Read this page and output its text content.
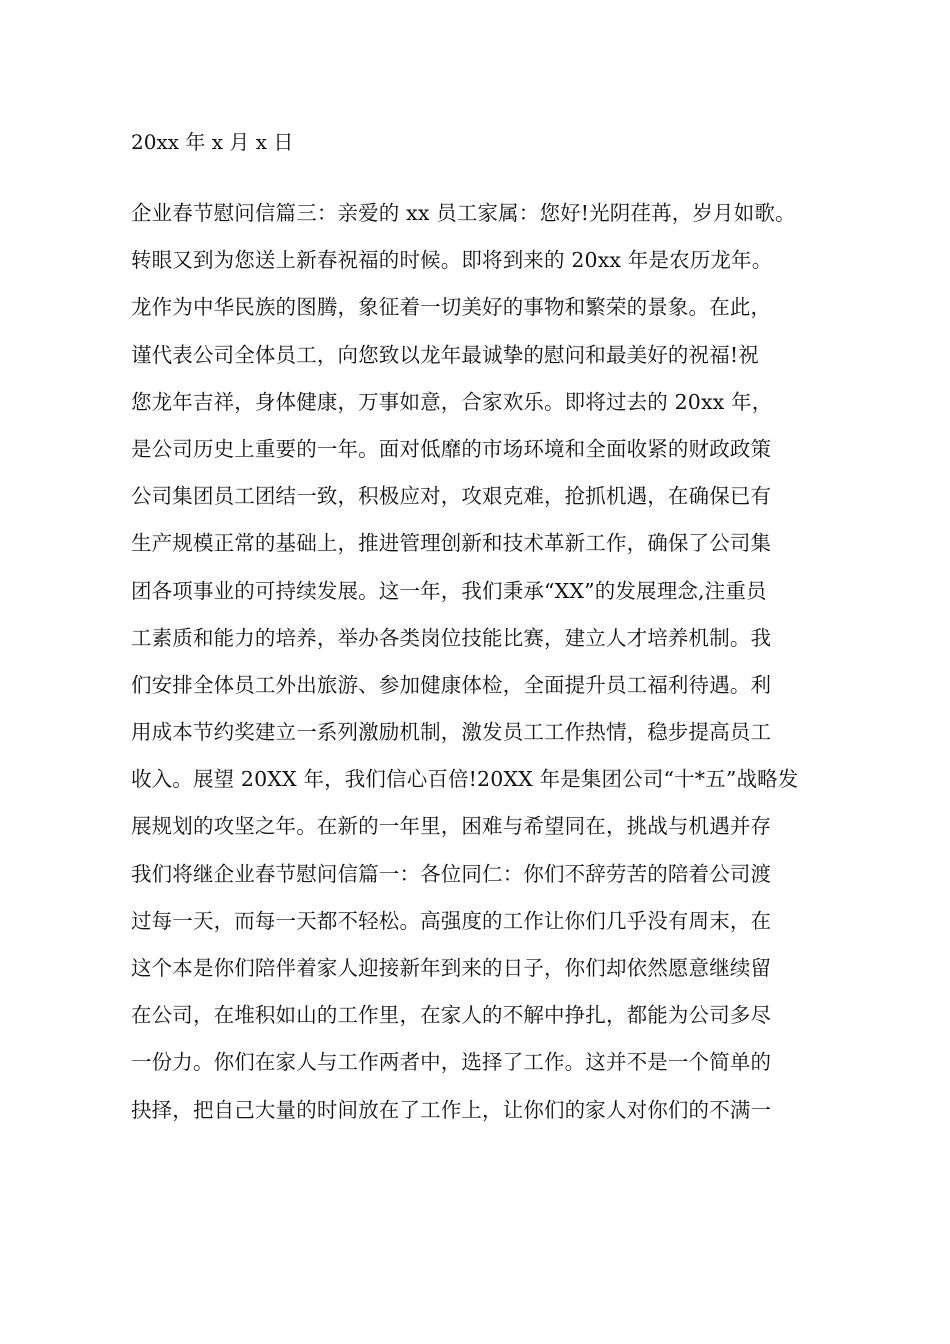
20xx 年 x 月 x 日
企业春节慰问信篇三：亲爱的 xx 员工家属：您好!光阴荏苒，岁月如歌。
转眼又到为您送上新春祝福的时候。即将到来的 20xx 年是农历龙年。
龙作为中华民族的图腾，象征着一切美好的事物和繁荣的景象。在此，
谨代表公司全体员工，向您致以龙年最诚挚的慰问和最美好的祝福!祝
您龙年吉祥，身体健康，万事如意，合家欢乐。即将过去的 20xx 年，
是公司历史上重要的一年。面对低靡的市场环境和全面收紧的财政政策
公司集团员工团结一致，积极应对，攻艰克难，抢抓机遇，在确保已有
生产规模正常的基础上，推进管理创新和技术革新工作，确保了公司集
团各项事业的可持续发展。这一年，我们秉承“XX”的发展理念,注重员
工素质和能力的培养，举办各类岗位技能比赛，建立人才培养机制。我
们安排全体员工外出旅游、参加健康体检，全面提升员工福利待遇。利
用成本节约奖建立一系列激励机制，激发员工工作热情，稳步提高员工
收入。展望 20XX 年，我们信心百倍!20XX 年是集团公司“十*五”战略发
展规划的攻坚之年。在新的一年里，困难与希望同在，挑战与机遇并存
我们将继企业春节慰问信篇一：各位同仁：你们不辞劳苦的陪着公司渡
过每一天，而每一天都不轻松。高强度的工作让你们几乎没有周末，在
这个本是你们陪伴着家人迎接新年到来的日子，你们却依然愿意继续留
在公司，在堆积如山的工作里，在家人的不解中挣扎，都能为公司多尽
一份力。你们在家人与工作两者中，选择了工作。这并不是一个简单的
抉择，把自己大量的时间放在了工作上，让你们的家人对你们的不满一
